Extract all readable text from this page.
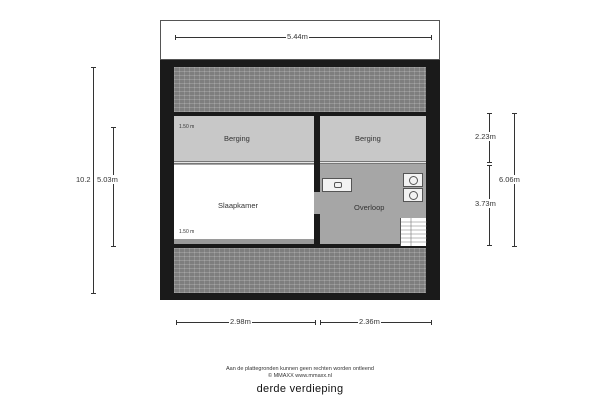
5.44m
10.2 5.03m
2.23m
3.73m
6.06m
1.50 m
Berging	Berging
Slaapkamer
1.50 m
Overloop
2.98m	2.36m
Aan de plattegronden kunnen geen rechten worden ontleend
© MMAXX www.mmaxx.nl
derde verdieping
